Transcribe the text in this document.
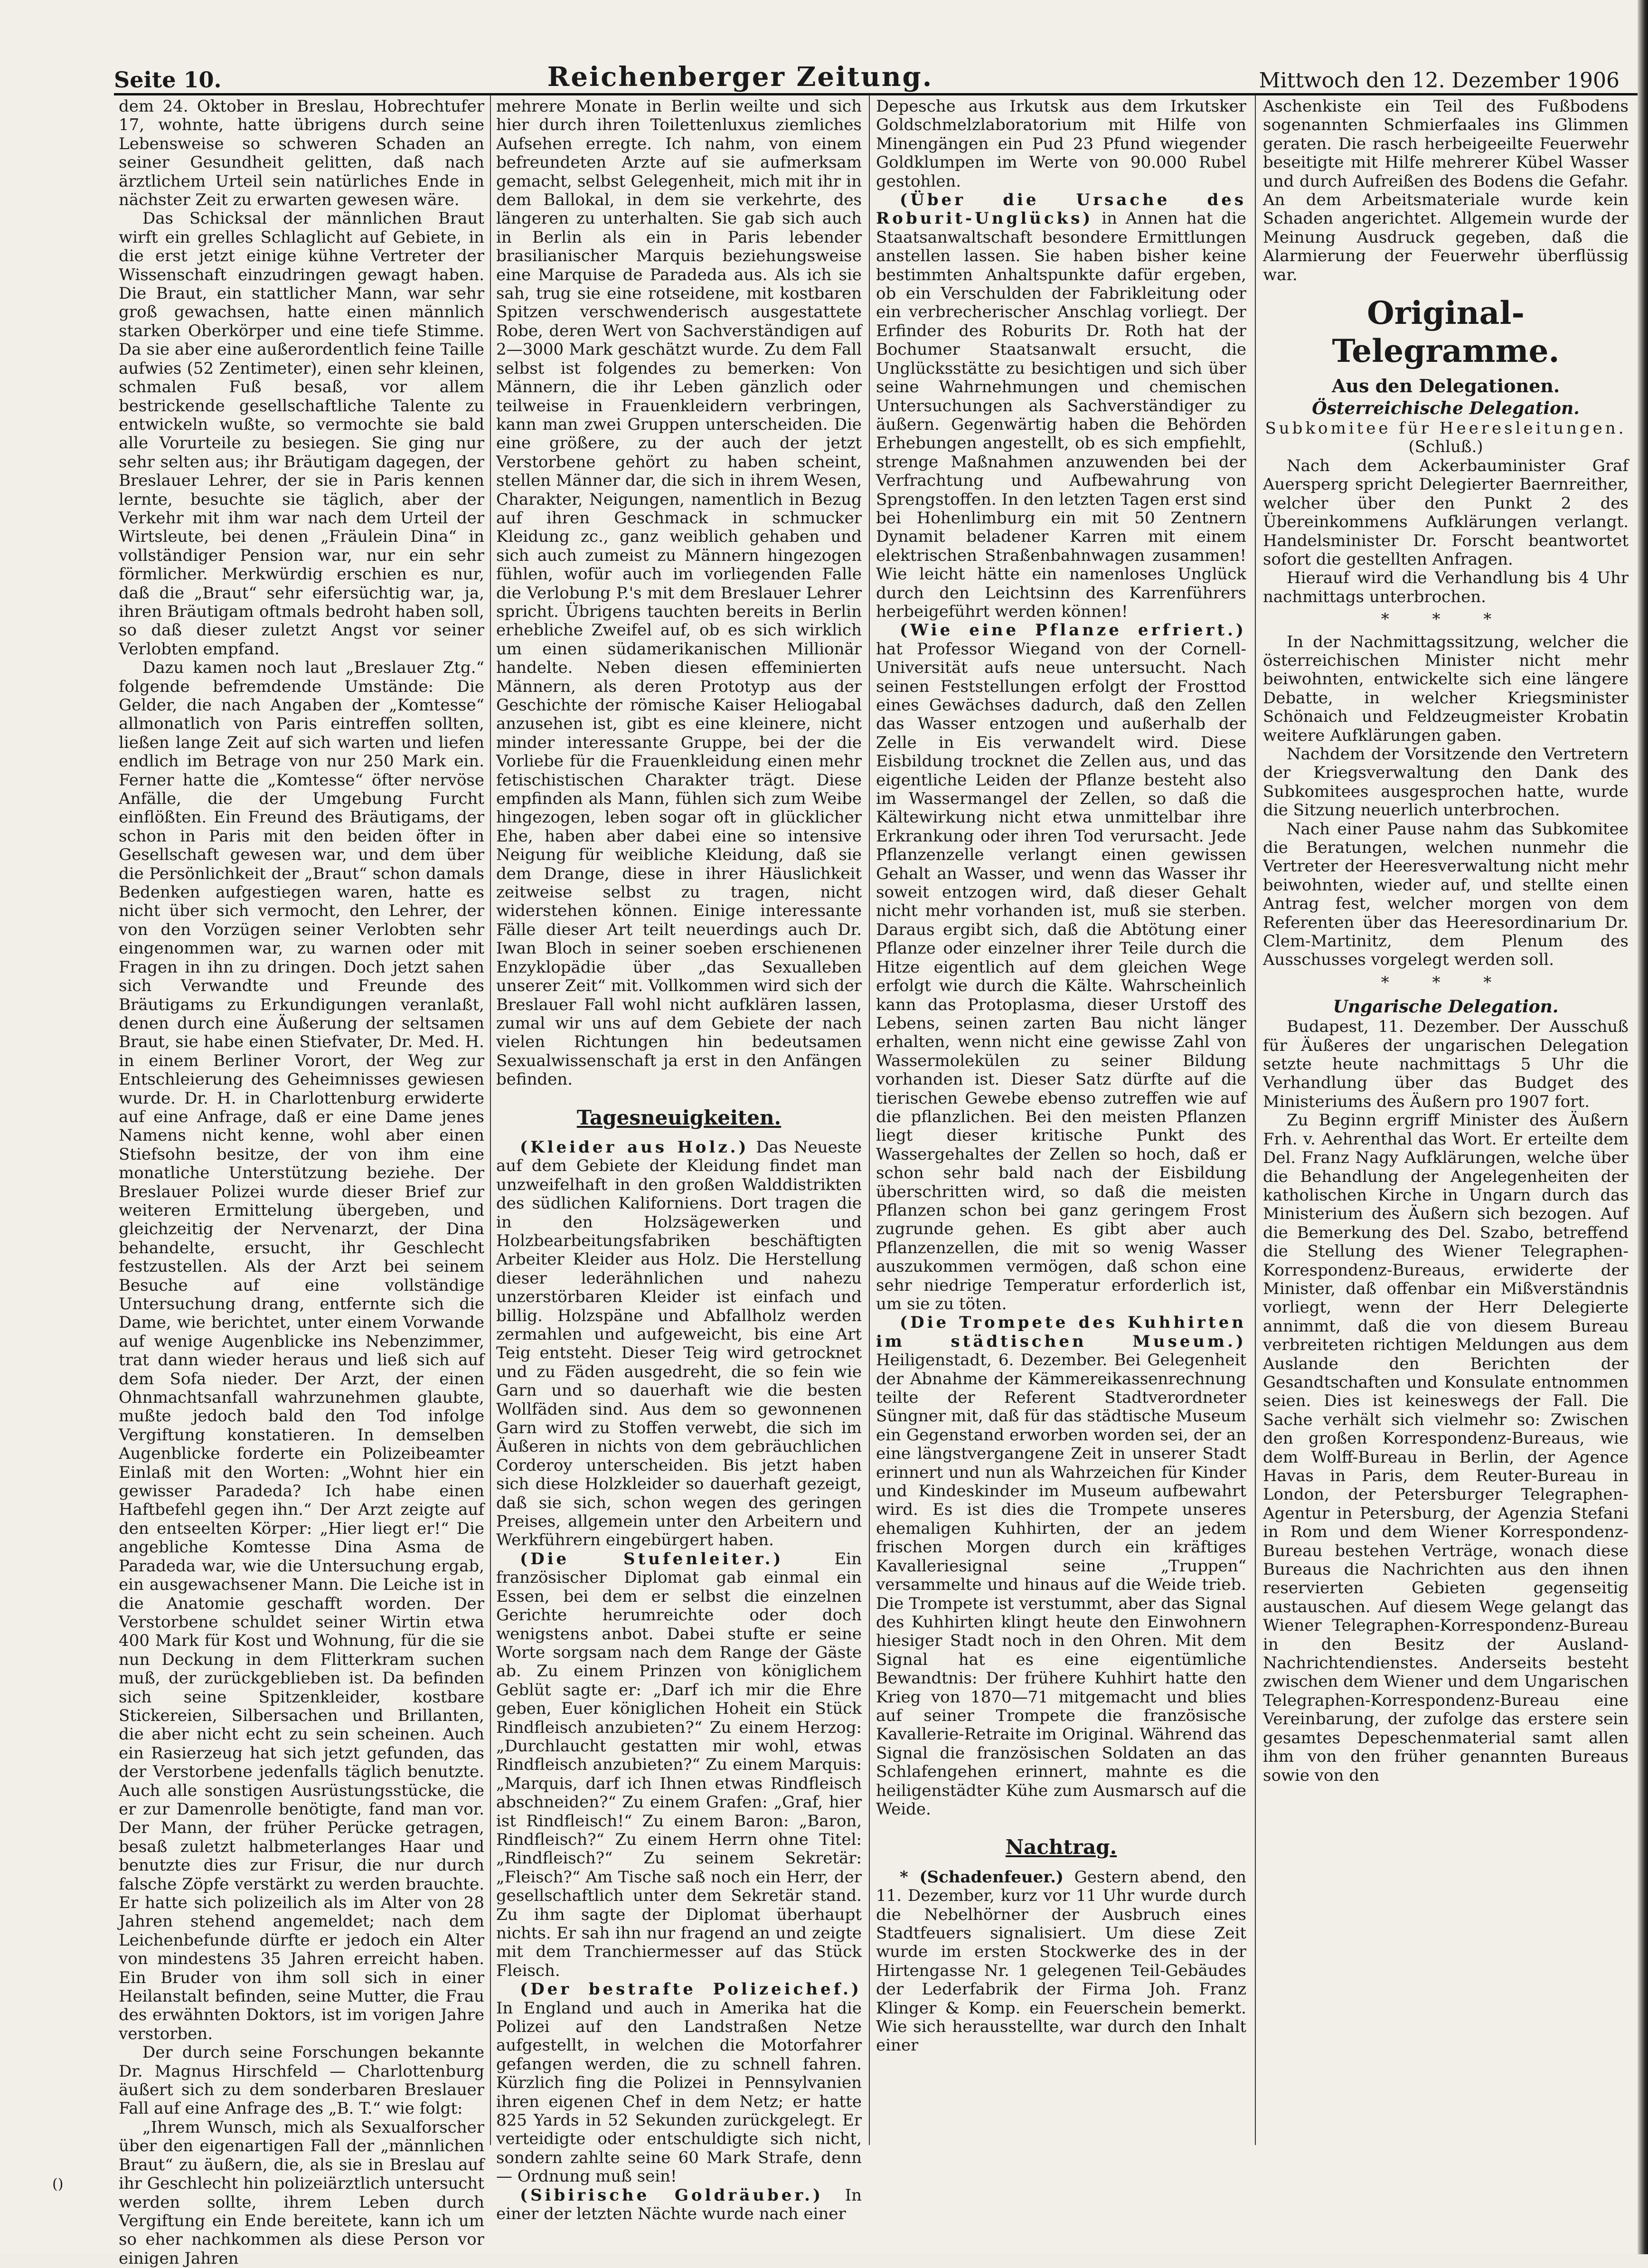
Seite 10.	Reichenberger Zeitung.	Mittwoch den 12. Dezember 1906

dem 24. Oktober in Breslau, Hobrechtufer 17, wohnte, hatte übrigens durch seine Lebensweise so schweren Schaden an seiner Gesundheit gelitten, daß nach ärztlichem Urteil sein natürliches Ende in nächster Zeit zu erwarten gewesen wäre.

Das Schicksal der männlichen Braut wirft ein grelles Schlaglicht auf Gebiete, in die erst jetzt einige kühne Vertreter der Wissenschaft einzudringen gewagt haben. Die Braut, ein stattlicher Mann, war sehr groß gewachsen, hatte einen männlich starken Oberkörper und eine tiefe Stimme. Da sie aber eine außerordentlich feine Taille aufwies (52 Zentimeter), einen sehr kleinen, schmalen Fuß besaß, vor allem bestrickende gesellschaftliche Talente zu entwickeln wußte, so vermochte sie bald alle Vorurteile zu besiegen. Sie ging nur sehr selten aus; ihr Bräutigam dagegen, der Breslauer Lehrer, der sie in Paris kennen lernte, besuchte sie täglich, aber der Verkehr mit ihm war nach dem Urteil der Wirtsleute, bei denen „Fräulein Dina“ in vollständiger Pension war, nur ein sehr förmlicher. Merkwürdig erschien es nur, daß die „Braut“ sehr eifersüchtig war, ja, ihren Bräutigam oftmals bedroht haben soll, so daß dieser zuletzt Angst vor seiner Verlobten empfand.

Dazu kamen noch laut „Breslauer Ztg.“ folgende befremdende Umstände: Die Gelder, die nach Angaben der „Komtesse“ allmonatlich von Paris eintreffen sollten, ließen lange Zeit auf sich warten und liefen endlich im Betrage von nur 250 Mark ein. Ferner hatte die „Komtesse“ öfter nervöse Anfälle, die der Umgebung Furcht einflößten. Ein Freund des Bräutigams, der schon in Paris mit den beiden öfter in Gesellschaft gewesen war, und dem über die Persönlichkeit der „Braut“ schon damals Bedenken aufgestiegen waren, hatte es nicht über sich vermocht, den Lehrer, der von den Vorzügen seiner Verlobten sehr eingenommen war, zu warnen oder mit Fragen in ihn zu dringen. Doch jetzt sahen sich Verwandte und Freunde des Bräutigams zu Erkundigungen veranlaßt, denen durch eine Äußerung der seltsamen Braut, sie habe einen Stiefvater, Dr. Med. H. in einem Berliner Vorort, der Weg zur Entschleierung des Geheimnisses gewiesen wurde. Dr. H. in Charlottenburg erwiderte auf eine Anfrage, daß er eine Dame jenes Namens nicht kenne, wohl aber einen Stiefsohn besitze, der von ihm eine monatliche Unterstützung beziehe. Der Breslauer Polizei wurde dieser Brief zur weiteren Ermittelung übergeben, und gleichzeitig der Nervenarzt, der Dina behandelte, ersucht, ihr Geschlecht festzustellen. Als der Arzt bei seinem Besuche auf eine vollständige Untersuchung drang, entfernte sich die Dame, wie berichtet, unter einem Vorwande auf wenige Augenblicke ins Nebenzimmer, trat dann wieder heraus und ließ sich auf dem Sofa nieder. Der Arzt, der einen Ohnmachtsanfall wahrzunehmen glaubte, mußte jedoch bald den Tod infolge Vergiftung konstatieren. In demselben Augenblicke forderte ein Polizeibeamter Einlaß mit den Worten: „Wohnt hier ein gewisser Paradeda? Ich habe einen Haftbefehl gegen ihn.“ Der Arzt zeigte auf den entseelten Körper: „Hier liegt er!“ Die angebliche Komtesse Dina Asma de Paradeda war, wie die Untersuchung ergab, ein ausgewachsener Mann. Die Leiche ist in die Anatomie geschafft worden. Der Verstorbene schuldet seiner Wirtin etwa 400 Mark für Kost und Wohnung, für die sie nun Deckung in dem Flitterkram suchen muß, der zurückgeblieben ist. Da befinden sich seine Spitzenkleider, kostbare Stickereien, Silbersachen und Brillanten, die aber nicht echt zu sein scheinen. Auch ein Rasierzeug hat sich jetzt gefunden, das der Verstorbene jedenfalls täglich benutzte. Auch alle sonstigen Ausrüstungsstücke, die er zur Damenrolle benötigte, fand man vor. Der Mann, der früher Perücke getragen, besaß zuletzt halbmeterlanges Haar und benutzte dies zur Frisur, die nur durch falsche Zöpfe verstärkt zu werden brauchte. Er hatte sich polizeilich als im Alter von 28 Jahren stehend angemeldet; nach dem Leichenbefunde dürfte er jedoch ein Alter von mindestens 35 Jahren erreicht haben. Ein Bruder von ihm soll sich in einer Heilanstalt befinden, seine Mutter, die Frau des erwähnten Doktors, ist im vorigen Jahre verstorben.

Der durch seine Forschungen bekannte Dr. Magnus Hirschfeld — Charlottenburg äußert sich zu dem sonderbaren Breslauer Fall auf eine Anfrage des „B. T.“ wie folgt:

„Ihrem Wunsch, mich als Sexualforscher über den eigenartigen Fall der „männlichen Braut“ zu äußern, die, als sie in Breslau auf ihr Geschlecht hin polizeiärztlich untersucht werden sollte, ihrem Leben durch Vergiftung ein Ende bereitete, kann ich um so eher nachkommen als diese Person vor einigen Jahren

mehrere Monate in Berlin weilte und sich hier durch ihren Toilettenluxus ziemliches Aufsehen erregte. Ich nahm, von einem befreundeten Arzte auf sie aufmerksam gemacht, selbst Gelegenheit, mich mit ihr in dem Ballokal, in dem sie verkehrte, des längeren zu unterhalten. Sie gab sich auch in Berlin als ein in Paris lebender brasilianischer Marquis beziehungsweise eine Marquise de Paradeda aus. Als ich sie sah, trug sie eine rotseidene, mit kostbaren Spitzen verschwenderisch ausgestattete Robe, deren Wert von Sachverständigen auf 2—3000 Mark geschätzt wurde. Zu dem Fall selbst ist folgendes zu bemerken: Von Männern, die ihr Leben gänzlich oder teilweise in Frauenkleidern verbringen, kann man zwei Gruppen unterscheiden. Die eine größere, zu der auch der jetzt Verstorbene gehört zu haben scheint, stellen Männer dar, die sich in ihrem Wesen, Charakter, Neigungen, namentlich in Bezug auf ihren Geschmack in schmucker Kleidung zc., ganz weiblich gehaben und sich auch zumeist zu Männern hingezogen fühlen, wofür auch im vorliegenden Falle die Verlobung P.'s mit dem Breslauer Lehrer spricht. Übrigens tauchten bereits in Berlin erhebliche Zweifel auf, ob es sich wirklich um einen südamerikanischen Millionär handelte. Neben diesen effeminierten Männern, als deren Prototyp aus der Geschichte der römische Kaiser Heliogabal anzusehen ist, gibt es eine kleinere, nicht minder interessante Gruppe, bei der die Vorliebe für die Frauenkleidung einen mehr fetischistischen Charakter trägt. Diese empfinden als Mann, fühlen sich zum Weibe hingezogen, leben sogar oft in glücklicher Ehe, haben aber dabei eine so intensive Neigung für weibliche Kleidung, daß sie dem Drange, diese in ihrer Häuslichkeit zeitweise selbst zu tragen, nicht widerstehen können. Einige interessante Fälle dieser Art teilt neuerdings auch Dr. Iwan Bloch in seiner soeben erschienenen Enzyklopädie über „das Sexualleben unserer Zeit“ mit. Vollkommen wird sich der Breslauer Fall wohl nicht aufklären lassen, zumal wir uns auf dem Gebiete der nach vielen Richtungen hin bedeutsamen Sexualwissenschaft ja erst in den Anfängen befinden.

Tagesneuigkeiten.

(Kleider aus Holz.) Das Neueste auf dem Gebiete der Kleidung findet man unzweifelhaft in den großen Walddistrikten des südlichen Kaliforniens. Dort tragen die in den Holzsägewerken und Holzbearbeitungsfabriken beschäftigten Arbeiter Kleider aus Holz. Die Herstellung dieser lederähnlichen und nahezu unzerstörbaren Kleider ist einfach und billig. Holzspäne und Abfallholz werden zermahlen und aufgeweicht, bis eine Art Teig entsteht. Dieser Teig wird getrocknet und zu Fäden ausgedreht, die so fein wie Garn und so dauerhaft wie die besten Wollfäden sind. Aus dem so gewonnenen Garn wird zu Stoffen verwebt, die sich im Äußeren in nichts von dem gebräuchlichen Corderoy unterscheiden. Bis jetzt haben sich diese Holzkleider so dauerhaft gezeigt, daß sie sich, schon wegen des geringen Preises, allgemein unter den Arbeitern und Werkführern eingebürgert haben.

(Die Stufenleiter.)	Ein französischer Diplomat gab einmal ein Essen, bei dem er selbst die einzelnen Gerichte herumreichte oder doch wenigstens anbot. Dabei stufte er seine Worte sorgsam nach dem Range der Gäste ab. Zu einem Prinzen von königlichem Geblüt sagte er: „Darf ich mir die Ehre geben, Euer königlichen Hoheit ein Stück Rindfleisch anzubieten?“ Zu einem Herzog: „Durchlaucht gestatten mir wohl, etwas Rindfleisch anzubieten?“ Zu einem Marquis: „Marquis, darf ich Ihnen etwas Rindfleisch abschneiden?“ Zu einem Grafen: „Graf, hier ist Rindfleisch!“ Zu einem Baron: „Baron, Rindfleisch?“ Zu einem Herrn ohne Titel: „Rindfleisch?“ Zu seinem Sekretär: „Fleisch?“ Am Tische saß noch ein Herr, der gesellschaftlich unter dem Sekretär stand. Zu ihm sagte der Diplomat überhaupt nichts. Er sah ihn nur fragend an und zeigte mit dem Tranchiermesser auf das Stück Fleisch.

(Der bestrafte Polizeichef.) In England und auch in Amerika hat die Polizei auf den Landstraßen Netze aufgestellt, in welchen die Motorfahrer gefangen werden, die zu schnell fahren. Kürzlich fing die Polizei in Pennsylvanien ihren eigenen Chef in dem Netz; er hatte 825 Yards in 52 Sekunden zurückgelegt. Er verteidigte oder entschuldigte sich nicht, sondern zahlte seine 60 Mark Strafe, denn — Ordnung muß sein!

(Sibirische Goldräuber.) In einer der letzten Nächte wurde nach einer

Depesche aus Irkutsk aus dem Irkutsker Goldschmelzlaboratorium mit Hilfe von Minengängen ein Pud 23 Pfund wiegender Goldklumpen im Werte von 90.000 Rubel gestohlen.

(Über die Ursache des Roburit-Unglücks) in Annen hat die Staatsanwaltschaft besondere Ermittlungen anstellen lassen. Sie haben bisher keine bestimmten Anhaltspunkte dafür ergeben, ob ein Verschulden der Fabrikleitung oder ein verbrecherischer Anschlag vorliegt. Der Erfinder des Roburits Dr. Roth hat der Bochumer Staatsanwalt ersucht, die Unglücksstätte zu besichtigen und sich über seine Wahrnehmungen und chemischen Untersuchungen als Sachverständiger zu äußern. Gegenwärtig haben die Behörden Erhebungen angestellt, ob es sich empfiehlt, strenge Maßnahmen anzuwenden bei der Verfrachtung und Aufbewahrung von Sprengstoffen. In den letzten Tagen erst sind bei Hohenlimburg ein mit 50 Zentnern Dynamit beladener Karren mit einem elektrischen Straßenbahnwagen zusammen! Wie leicht hätte ein namenloses Unglück durch den Leichtsinn des Karrenführers herbeigeführt werden können!

(Wie eine Pflanze erfriert.) hat Professor Wiegand von der Cornell-Universität aufs neue untersucht. Nach seinen Feststellungen erfolgt der Frosttod eines Gewächses dadurch, daß den Zellen das Wasser entzogen und außerhalb der Zelle in Eis verwandelt wird. Diese Eisbildung trocknet die Zellen aus, und das eigentliche Leiden der Pflanze besteht also im Wassermangel der Zellen, so daß die Kältewirkung nicht etwa unmittelbar ihre Erkrankung oder ihren Tod verursacht. Jede Pflanzenzelle verlangt einen gewissen Gehalt an Wasser, und wenn das Wasser ihr soweit entzogen wird, daß dieser Gehalt nicht mehr vorhanden ist, muß sie sterben. Daraus ergibt sich, daß die Abtötung einer Pflanze oder einzelner ihrer Teile durch die Hitze eigentlich auf dem gleichen Wege erfolgt wie durch die Kälte. Wahrscheinlich kann das Protoplasma, dieser Urstoff des Lebens, seinen zarten Bau nicht länger erhalten, wenn nicht eine gewisse Zahl von Wassermolekülen zu seiner Bildung vorhanden ist. Dieser Satz dürfte auf die tierischen Gewebe ebenso zutreffen wie auf die pflanzlichen. Bei den meisten Pflanzen liegt dieser kritische Punkt des Wassergehaltes der Zellen so hoch, daß er schon sehr bald nach der Eisbildung überschritten wird, so daß die meisten Pflanzen schon bei ganz geringem Frost zugrunde gehen. Es gibt aber auch Pflanzenzellen, die mit so wenig Wasser auszukommen vermögen, daß schon eine sehr niedrige Temperatur erforderlich ist, um sie zu töten.

(Die Trompete des Kuhhirten im städtischen Museum.) Heiligenstadt, 6. Dezember. Bei Gelegenheit der Abnahme der Kämmereikassenrechnung teilte der Referent Stadtverordneter Süngner mit, daß für das städtische Museum ein Gegenstand erworben worden sei, der an eine längstvergangene Zeit in unserer Stadt erinnert und nun als Wahrzeichen für Kinder und Kindeskinder im Museum aufbewahrt wird. Es ist dies die Trompete unseres ehemaligen Kuhhirten, der an jedem frischen Morgen durch ein kräftiges Kavalleriesignal seine „Truppen“ versammelte und hinaus auf die Weide trieb. Die Trompete ist verstummt, aber das Signal des Kuhhirten klingt heute den Einwohnern hiesiger Stadt noch in den Ohren. Mit dem Signal hat es eine eigentümliche Bewandtnis: Der frühere Kuhhirt hatte den Krieg von 1870—71 mitgemacht und blies auf seiner Trompete die französische Kavallerie-Retraite im Original. Während das Signal die französischen Soldaten an das Schlafengehen erinnert, mahnte es die heiligenstädter Kühe zum Ausmarsch auf die Weide.

Nachtrag.

* (Schadenfeuer.) Gestern abend, den 11. Dezember, kurz vor 11 Uhr wurde durch die Nebelhörner der Ausbruch eines Stadtfeuers signalisiert. Um diese Zeit wurde im ersten Stockwerke des in der Hirtengasse Nr. 1 gelegenen Teil-Gebäudes der Lederfabrik der Firma Joh. Franz Klinger & Komp. ein Feuerschein bemerkt. Wie sich herausstellte, war durch den Inhalt einer

Aschenkiste ein Teil des Fußbodens sogenannten Schmierfaales ins Glimmen geraten. Die rasch herbeigeeilte Feuerwehr beseitigte mit Hilfe mehrerer Kübel Wasser und durch Aufreißen des Bodens die Gefahr. An dem Arbeitsmateriale wurde kein Schaden angerichtet. Allgemein wurde der Meinung Ausdruck gegeben, daß die Alarmierung der Feuerwehr überflüssig war.

Original-Telegramme.
Aus den Delegationen.
Österreichische Delegation.
Subkomitee für Heeresleitungen.
(Schluß.)

Nach dem Ackerbauminister Graf Auersperg spricht Delegierter Baernreither, welcher über den Punkt 2 des Übereinkommens Aufklärungen verlangt. Handelsminister Dr. Forscht beantwortet sofort die gestellten Anfragen.

Hierauf wird die Verhandlung bis 4 Uhr nachmittags unterbrochen.

* * *

In der Nachmittagssitzung, welcher die österreichischen Minister nicht mehr beiwohnten, entwickelte sich eine längere Debatte, in welcher Kriegsminister Schönaich und Feldzeugmeister Krobatin weitere Aufklärungen gaben.

Nachdem der Vorsitzende den Vertretern der Kriegsverwaltung den Dank des Subkomitees ausgesprochen hatte, wurde die Sitzung neuerlich unterbrochen.

Nach einer Pause nahm das Subkomitee die Beratungen, welchen nunmehr die Vertreter der Heeresverwaltung nicht mehr beiwohnten, wieder auf, und stellte einen Antrag fest, welcher morgen von dem Referenten über das Heeresordinarium Dr. Clem-Martinitz, dem Plenum des Ausschusses vorgelegt werden soll.

* * *
Ungarische Delegation.

Budapest, 11. Dezember. Der Ausschuß für Äußeres der ungarischen Delegation setzte heute nachmittags 5 Uhr die Verhandlung über das Budget des Ministeriums des Äußern pro 1907 fort.

Zu Beginn ergriff Minister des Äußern Frh. v. Aehrenthal das Wort. Er erteilte dem Del. Franz Nagy Aufklärungen, welche über die Behandlung der Angelegenheiten der katholischen Kirche in Ungarn durch das Ministerium des Äußern sich bezogen. Auf die Bemerkung des Del. Szabo, betreffend die Stellung des Wiener Telegraphen-Korrespondenz-Bureaus, erwiderte der Minister, daß offenbar ein Mißverständnis vorliegt, wenn der Herr Delegierte annimmt, daß die von diesem Bureau verbreiteten richtigen Meldungen aus dem Auslande den Berichten der Gesandtschaften und Konsulate entnommen seien. Dies ist keineswegs der Fall. Die Sache verhält sich vielmehr so: Zwischen den großen Korrespondenz-Bureaus, wie dem Wolff-Bureau in Berlin, der Agence Havas in Paris, dem Reuter-Bureau in London, der Petersburger Telegraphen-Agentur in Petersburg, der Agenzia Stefani in Rom und dem Wiener Korrespondenz-Bureau bestehen Verträge, wonach diese Bureaus die Nachrichten aus den ihnen reservierten Gebieten gegenseitig austauschen. Auf diesem Wege gelangt das Wiener Telegraphen-Korrespondenz-Bureau in den Besitz der Ausland-Nachrichtendienstes. Anderseits besteht zwischen dem Wiener und dem Ungarischen Telegraphen-Korrespondenz-Bureau eine Vereinbarung, der zufolge das erstere sein gesamtes Depeschenmaterial samt allen ihm von den früher genannten Bureaus sowie von den

()
